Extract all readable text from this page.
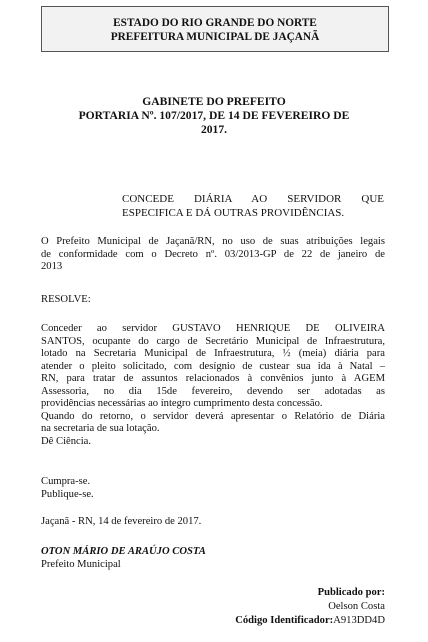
ESTADO DO RIO GRANDE DO NORTE
PREFEITURA MUNICIPAL DE JAÇANÃ
GABINETE DO PREFEITO
PORTARIA Nº. 107/2017, DE 14 DE FEVEREIRO DE
2017.
CONCEDE DIÁRIA AO SERVIDOR QUE
ESPECIFICA E DÁ OUTRAS PROVIDÊNCIAS.
O Prefeito Municipal de Jaçanã/RN, no uso de suas atribuições legais
de conformidade com o Decreto nº. 03/2013-GP de 22 de janeiro de
2013
RESOLVE:
Conceder ao servidor GUSTAVO HENRIQUE DE OLIVEIRA
SANTOS, ocupante do cargo de Secretário Municipal de Infraestrutura,
lotado na Secretaria Municipal de Infraestrutura, ½ (meia) diária para
atender o pleito solicitado, com desígnio de custear sua ida à Natal –
RN, para tratar de assuntos relacionados à convênios junto à AGEM
Assessoria, no dia 15de fevereiro, devendo ser adotadas as
providências necessárias ao íntegro cumprimento desta concessão.
Quando do retorno, o servidor deverá apresentar o Relatório de Diária
na secretaria de sua lotação.
Dê Ciência.
Cumpra-se.
Publique-se.
Jaçanã - RN, 14 de fevereiro de 2017.
OTON MÁRIO DE ARAÚJO COSTA
Prefeito Municipal
Publicado por:
Oelson Costa
Código Identificador:A913DD4D
